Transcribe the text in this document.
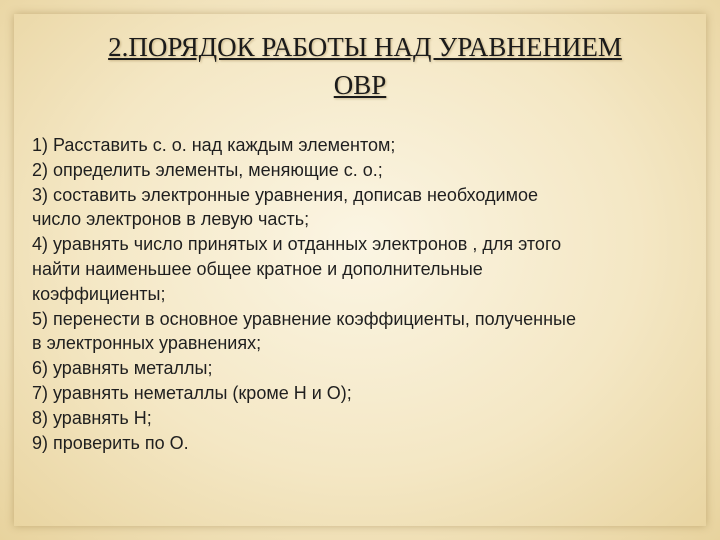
2.ПОРЯДОК РАБОТЫ НАД УРАВНЕНИЕМ
ОВР
1) Расставить с. о. над каждым элементом;
2) определить элементы, меняющие с. о.;
3) составить электронные уравнения, дописав необходимое
число электронов в левую часть;
4) уравнять число принятых и отданных электронов , для этого
найти наименьшее общее кратное и дополнительные
коэффициенты;
5) перенести в основное уравнение коэффициенты, полученные
в электронных уравнениях;
6) уравнять металлы;
7) уравнять неметаллы (кроме Н и О);
8) уравнять Н;
9) проверить по О.
